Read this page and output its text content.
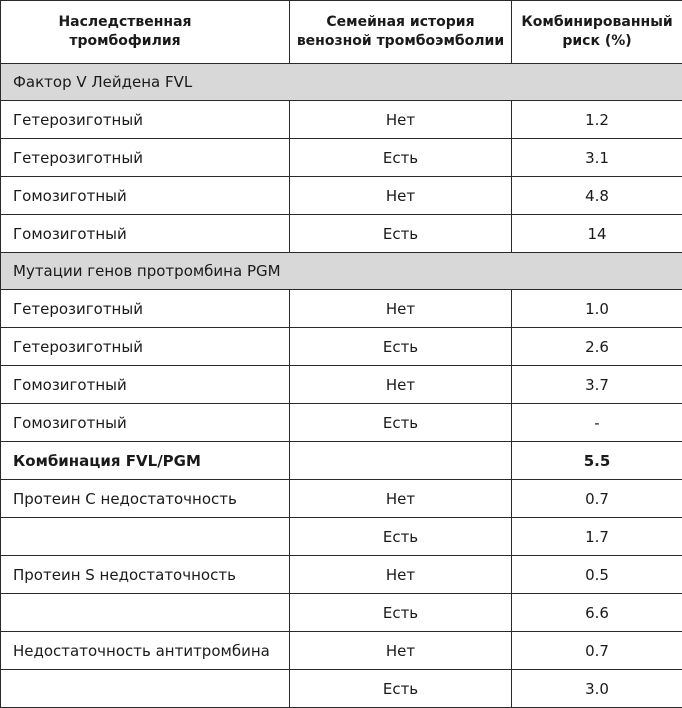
Наследственная тромбофилия	Семейная история венозной тромбоэмболии	Комбинированный риск (%)
Фактор V Лейдена FVL		
Гетерозиготный	Нет	1.2
Гетерозиготный	Есть	3.1
Гомозиготный	Нет	4.8
Гомозиготный	Есть	14
Мутации генов протромбина PGM		
Гетерозиготный	Нет	1.0
Гетерозиготный	Есть	2.6
Гомозиготный	Нет	3.7
Гомозиготный	Есть	-
Комбинация FVL/PGM		5.5
Протеин C недостаточность	Нет	0.7
	Есть	1.7
Протеин S недостаточность	Нет	0.5
	Есть	6.6
Недостаточность антитромбина	Нет	0.7
	Есть	3.0
